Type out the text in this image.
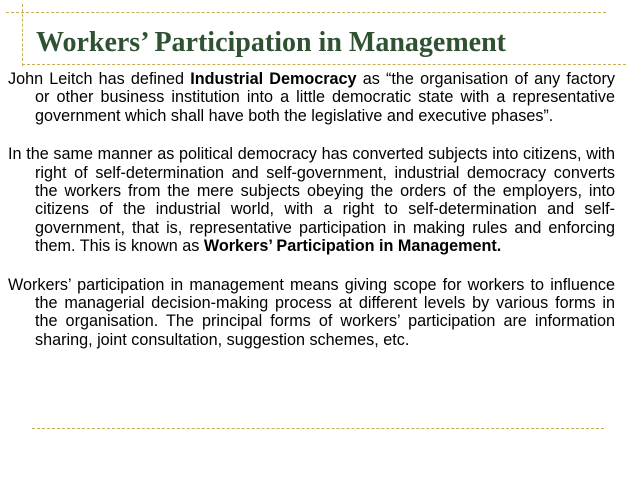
Workers’ Participation in Management

John Leitch has defined Industrial Democracy as “the organisation of any factory or other business institution into a little democratic state with a representative government which shall have both the legislative and executive phases”.

In the same manner as political democracy has converted subjects into citizens, with right of self-determination and self-government, industrial democracy converts the workers from the mere subjects obeying the orders of the employers, into citizens of the industrial world, with a right to self-determination and self-government, that is, representative participation in making rules and enforcing them. This is known as Workers’ Participation in Management.

Workers’ participation in management means giving scope for workers to influence the managerial decision-making process at different levels by various forms in the organisation. The principal forms of workers’ participation are information sharing, joint consultation, suggestion schemes, etc.
